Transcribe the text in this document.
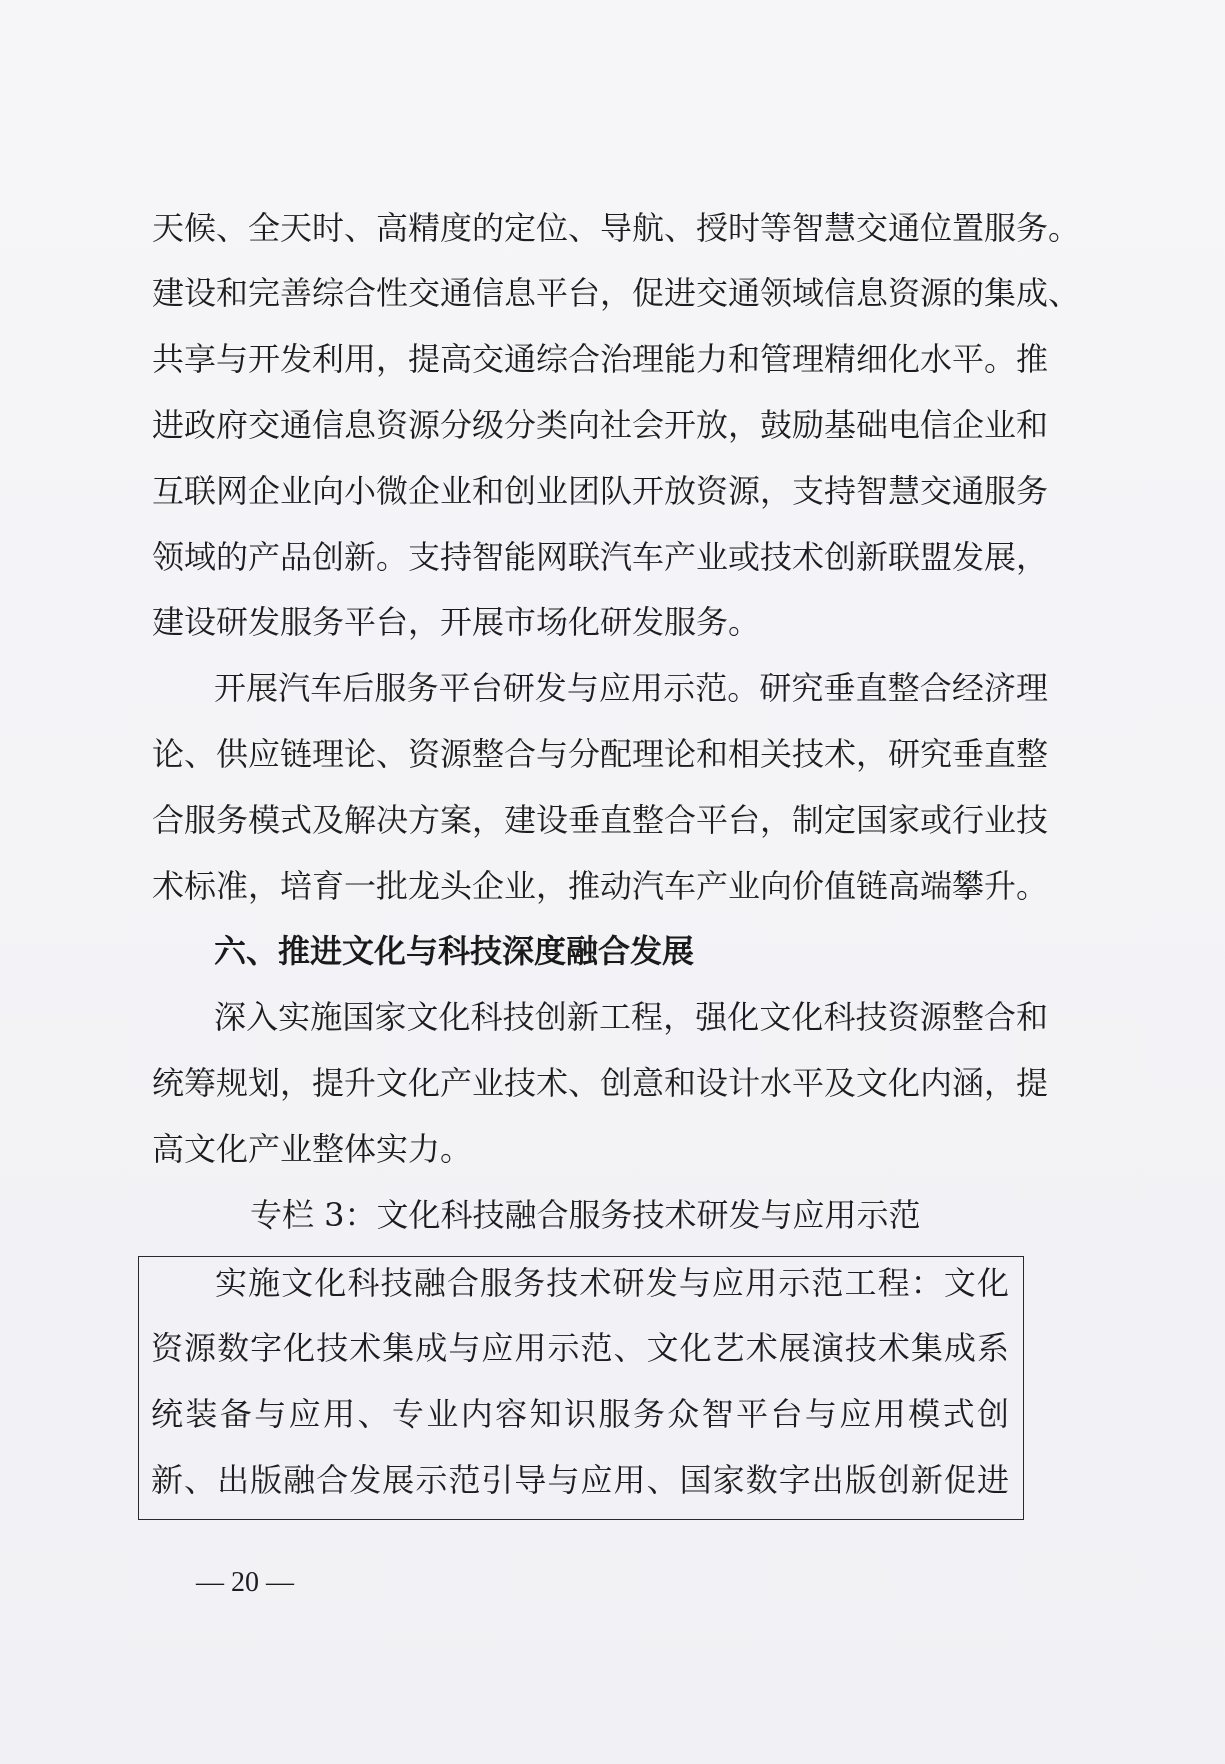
天候、全天时、高精度的定位、导航、授时等智慧交通位置服务。
建设和完善综合性交通信息平台，促进交通领域信息资源的集成、
共享与开发利用，提高交通综合治理能力和管理精细化水平。推
进政府交通信息资源分级分类向社会开放，鼓励基础电信企业和
互联网企业向小微企业和创业团队开放资源，支持智慧交通服务
领域的产品创新。支持智能网联汽车产业或技术创新联盟发展，
建设研发服务平台，开展市场化研发服务。
开展汽车后服务平台研发与应用示范。研究垂直整合经济理
论、供应链理论、资源整合与分配理论和相关技术，研究垂直整
合服务模式及解决方案，建设垂直整合平台，制定国家或行业技
术标准，培育一批龙头企业，推动汽车产业向价值链高端攀升。
六、推进文化与科技深度融合发展
深入实施国家文化科技创新工程，强化文化科技资源整合和
统筹规划，提升文化产业技术、创意和设计水平及文化内涵，提
高文化产业整体实力。
专栏 3：文化科技融合服务技术研发与应用示范
实施文化科技融合服务技术研发与应用示范工程：文化
资源数字化技术集成与应用示范、文化艺术展演技术集成系
统装备与应用、专业内容知识服务众智平台与应用模式创
新、出版融合发展示范引导与应用、国家数字出版创新促进
— 20 —
